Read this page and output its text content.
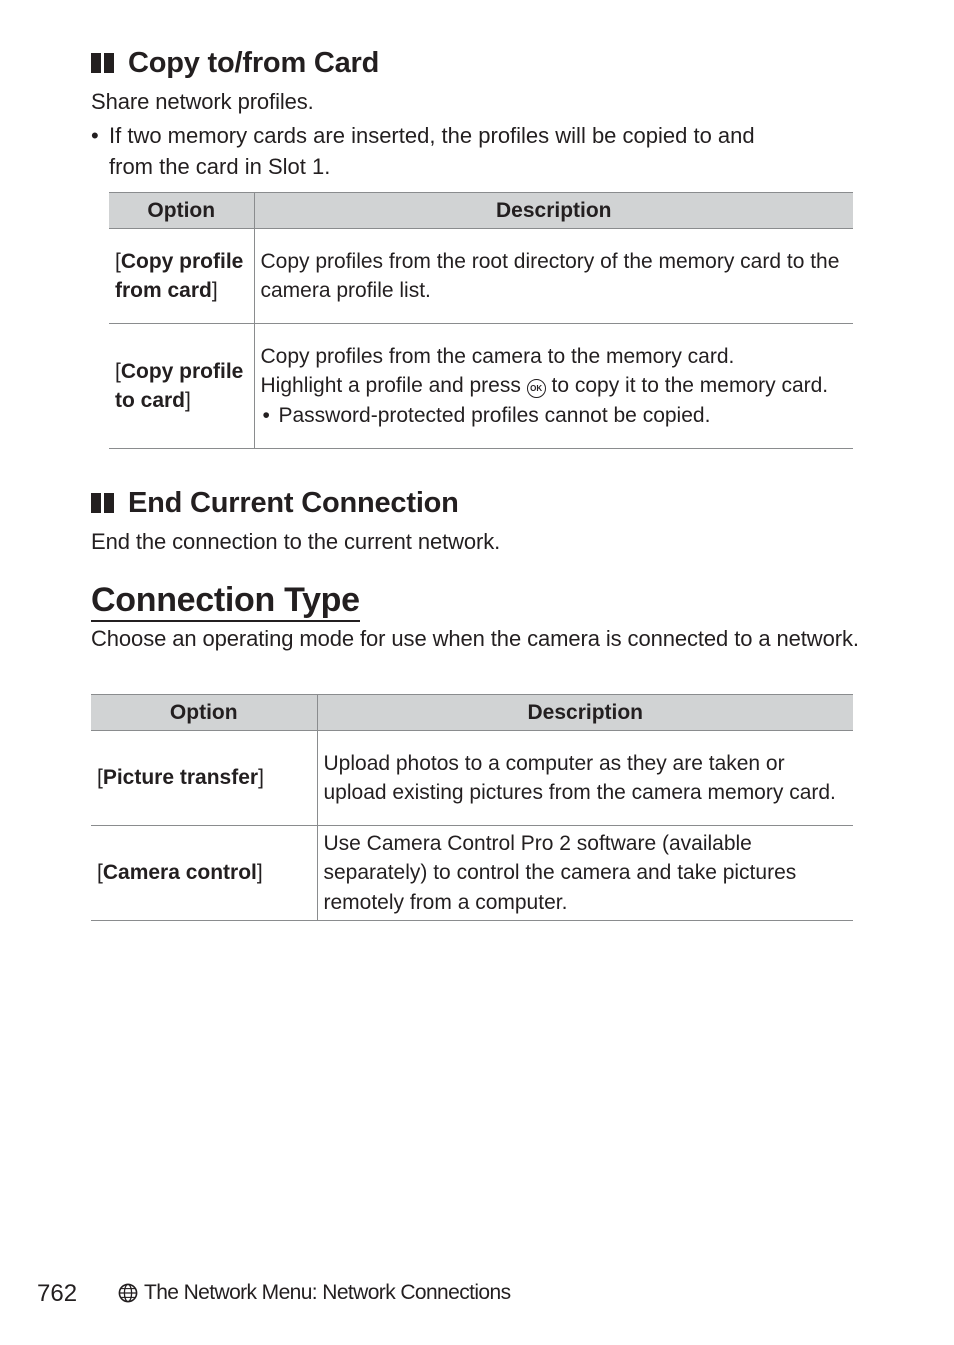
Copy to/from Card

Share network profiles.

• If two memory cards are inserted, the profiles will be copied to and

from the card in Slot 1.

Option	Description
[Copy profile from card]	Copy profiles from the root directory of the memory card to the camera profile list.
[Copy profile to card]	Copy profiles from the camera to the memory card.
Highlight a profile and press OK to copy it to the memory card.
• Password-protected profiles cannot be copied.
End Current Connection

End the connection to the current network.

Connection Type

Choose an operating mode for use when the camera is connected to a network.

Option	Description
[Picture transfer]	Upload photos to a computer as they are taken or upload existing pictures from the camera memory card.
[Camera control]	Use Camera Control Pro 2 software (available separately) to control the camera and take pictures remotely from a computer.
762	The Network Menu: Network Connections
